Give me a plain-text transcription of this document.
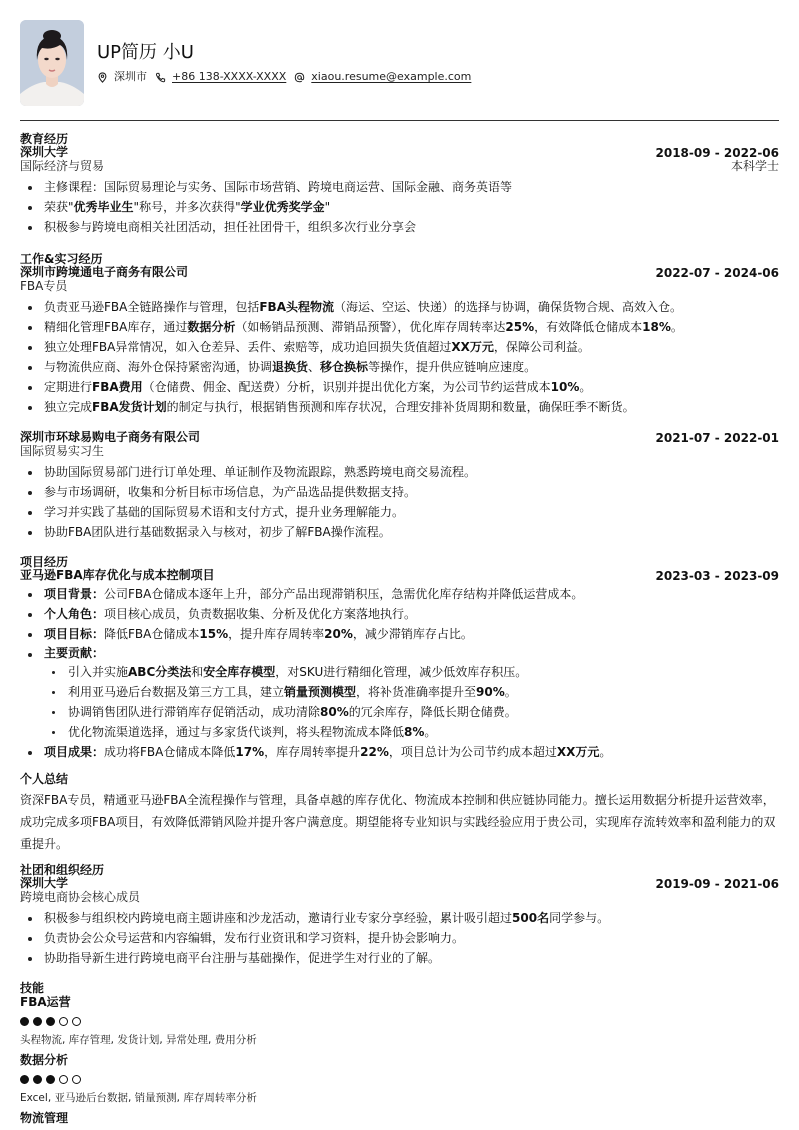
UP简历 小U
深圳市 +86 138-XXXX-XXXX xiaou.resume@example.com
教育经历
深圳大学	2018-09 - 2022-06
国际经济与贸易	本科学士
主修课程：国际贸易理论与实务、国际市场营销、跨境电商运营、国际金融、商务英语等
荣获"优秀毕业生"称号，并多次获得"学业优秀奖学金"
积极参与跨境电商相关社团活动，担任社团骨干，组织多次行业分享会
工作&实习经历
深圳市跨境通电子商务有限公司	2022-07 - 2024-06
FBA专员
负责亚马逊FBA全链路操作与管理，包括FBA头程物流（海运、空运、快递）的选择与协调，确保货物合规、高效入仓。
精细化管理FBA库存，通过数据分析（如畅销品预测、滞销品预警），优化库存周转率达25%，有效降低仓储成本18%。
独立处理FBA异常情况，如入仓差异、丢件、索赔等，成功追回损失货值超过XX万元，保障公司利益。
与物流供应商、海外仓保持紧密沟通，协调退换货、移仓换标等操作，提升供应链响应速度。
定期进行FBA费用（仓储费、佣金、配送费）分析，识别并提出优化方案，为公司节约运营成本10%。
独立完成FBA发货计划的制定与执行，根据销售预测和库存状况，合理安排补货周期和数量，确保旺季不断货。
深圳市环球易购电子商务有限公司	2021-07 - 2022-01
国际贸易实习生
协助国际贸易部门进行订单处理、单证制作及物流跟踪，熟悉跨境电商交易流程。
参与市场调研，收集和分析目标市场信息，为产品选品提供数据支持。
学习并实践了基础的国际贸易术语和支付方式，提升业务理解能力。
协助FBA团队进行基础数据录入与核对，初步了解FBA操作流程。
项目经历
亚马逊FBA库存优化与成本控制项目	2023-03 - 2023-09
项目背景：公司FBA仓储成本逐年上升，部分产品出现滞销积压，急需优化库存结构并降低运营成本。
个人角色：项目核心成员，负责数据收集、分析及优化方案落地执行。
项目目标：降低FBA仓储成本15%，提升库存周转率20%，减少滞销库存占比。
主要贡献：
引入并实施ABC分类法和安全库存模型，对SKU进行精细化管理，减少低效库存积压。
利用亚马逊后台数据及第三方工具，建立销量预测模型，将补货准确率提升至90%。
协调销售团队进行滞销库存促销活动，成功清除80%的冗余库存，降低长期仓储费。
优化物流渠道选择，通过与多家货代谈判，将头程物流成本降低8%。
项目成果：成功将FBA仓储成本降低17%，库存周转率提升22%，项目总计为公司节约成本超过XX万元。
个人总结

资深FBA专员，精通亚马逊FBA全流程操作与管理，具备卓越的库存优化、物流成本控制和供应链协同能力。擅长运用数据分析提升运营效率，成功完成多项FBA项目，有效降低滞销风险并提升客户满意度。期望能将专业知识与实践经验应用于贵公司，实现库存流转效率和盈利能力的双重提升。

社团和组织经历
深圳大学	2019-09 - 2021-06
跨境电商协会核心成员
积极参与组织校内跨境电商主题讲座和沙龙活动，邀请行业专家分享经验，累计吸引超过500名同学参与。
负责协会公众号运营和内容编辑，发布行业资讯和学习资料，提升协会影响力。
协助指导新生进行跨境电商平台注册与基础操作，促进学生对行业的了解。
技能
FBA运营
头程物流, 库存管理, 发货计划, 异常处理, 费用分析
数据分析
Excel, 亚马逊后台数据, 销量预测, 库存周转率分析
物流管理
